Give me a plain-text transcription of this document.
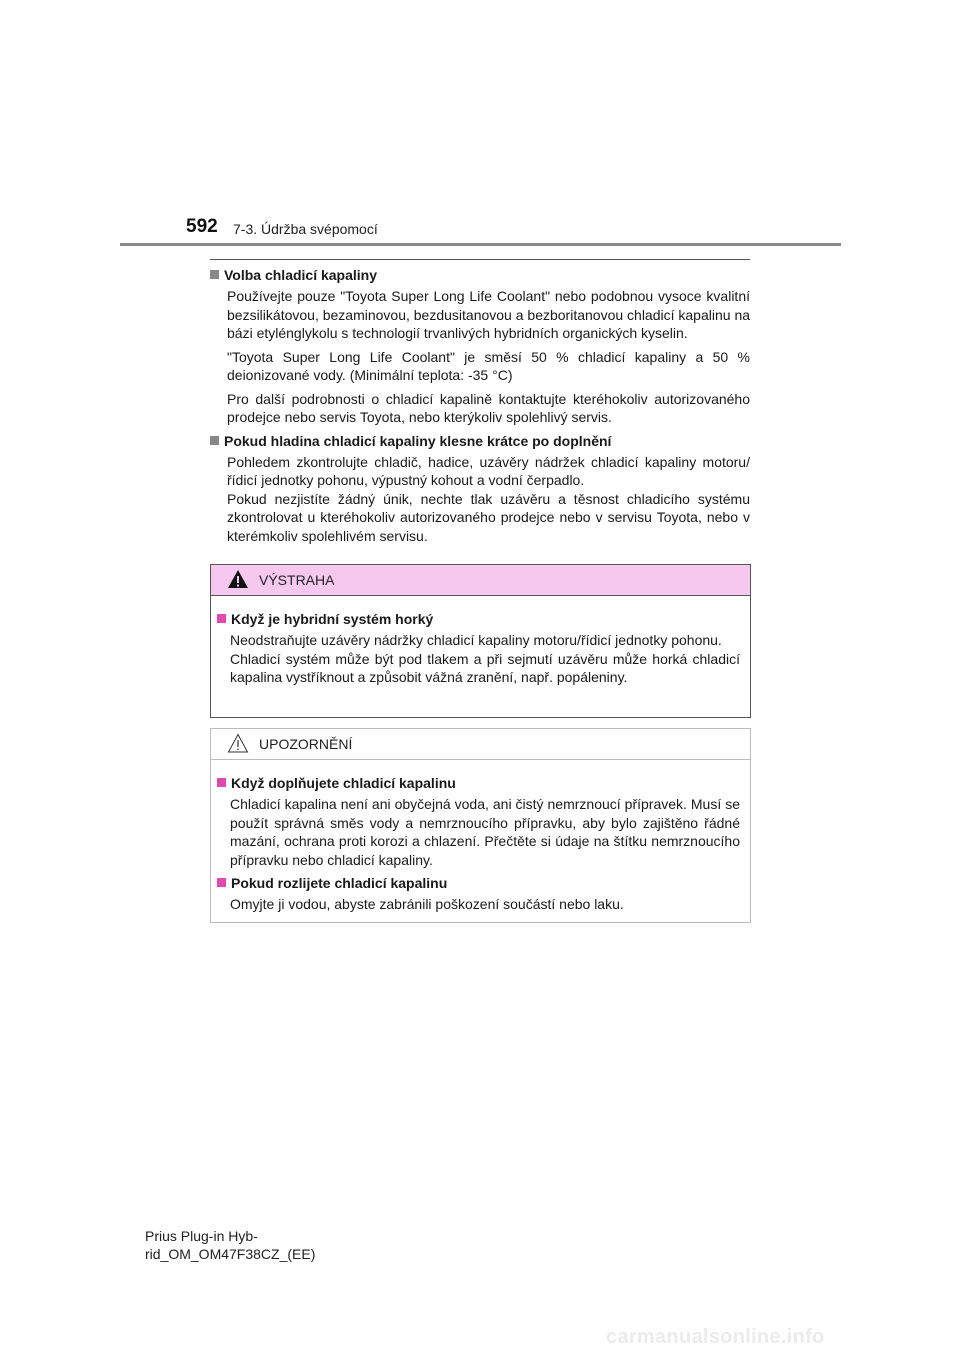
592 7-3. Údržba svépomocí
Volba chladicí kapaliny

Používejte pouze "Toyota Super Long Life Coolant" nebo podobnou vysoce kvalitní bezsilikátovou, bezaminovou, bezdusitanovou a bezboritanovou chladicí kapalinu na bázi etylénglykolu s technologií trvanlivých hybridních organických kyselin.

"Toyota Super Long Life Coolant" je směsí 50 % chladicí kapaliny a 50 % deionizované vody. (Minimální teplota: -35 °C)

Pro další podrobnosti o chladicí kapalině kontaktujte kteréhokoliv autorizovaného prodejce nebo servis Toyota, nebo kterýkoliv spolehlivý servis.

Pokud hladina chladicí kapaliny klesne krátce po doplnění

Pohledem zkontrolujte chladič, hadice, uzávěry nádržek chladicí kapaliny motoru/řídicí jednotky pohonu, výpustný kohout a vodní čerpadlo.

Pokud nezjistíte žádný únik, nechte tlak uzávěru a těsnost chladicího systému zkontrolovat u kteréhokoliv autorizovaného prodejce nebo v servisu Toyota, nebo v kterémkoliv spolehlivém servisu.

VÝSTRAHA
Když je hybridní systém horký

Neodstraňujte uzávěry nádržky chladicí kapaliny motoru/řídicí jednotky pohonu.

Chladicí systém může být pod tlakem a při sejmutí uzávěru může horká chladicí kapalina vystříknout a způsobit vážná zranění, např. popáleniny.

UPOZORNĚNÍ
Když doplňujete chladicí kapalinu

Chladicí kapalina není ani obyčejná voda, ani čistý nemrznoucí přípravek. Musí se použít správná směs vody a nemrznoucího přípravku, aby bylo zajištěno řádné mazání, ochrana proti korozi a chlazení. Přečtěte si údaje na štítku nemrznoucího přípravku nebo chladicí kapaliny.

Pokud rozlijete chladicí kapalinu

Omyjte ji vodou, abyste zabránili poškození součástí nebo laku.

Prius Plug-in Hyb-
rid_OM_OM47F38CZ_(EE)
carmanualsonline.info
